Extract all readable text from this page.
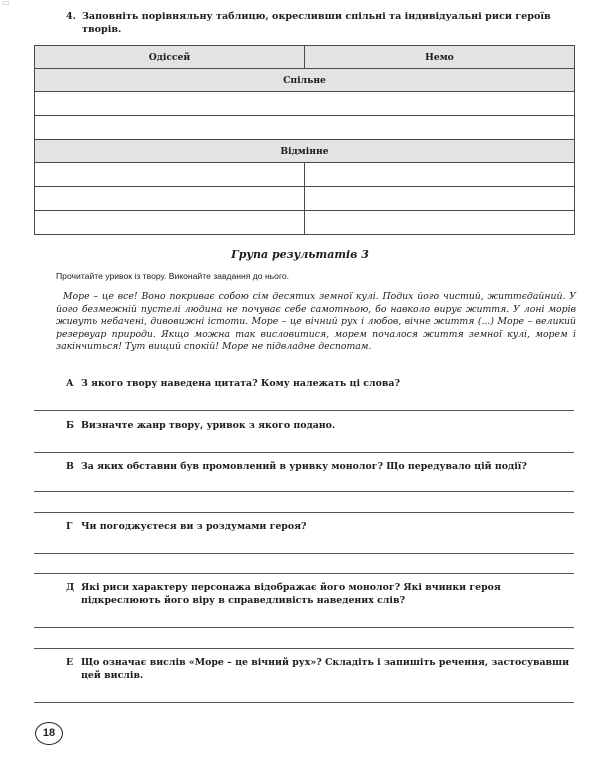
▭
4. Заповніть порівняльну таблицю, окресливши спільні та індивідуальні риси героїв творів.
Одіссей	Немо
Спільне	

Відмінне	

Група результатів 3
Прочитайте уривок із твору. Виконайте завдання до нього.
Море – це все! Воно покриває собою сім десятих земної кулі. Подих його чистий, життєдайний. У його безмежній пустелі людина не почуває себе самотньою, бо навколо вирує життя. У лоні морів живуть небачені, дивовижні істоти. Море – це вічний рух і любов, вічне життя (...) Море – великий резервуар природи. Якщо можна так висловитися, морем почалося життя земної кулі, морем і закінчиться! Тут вищий спокій! Море не підвладне деспотам.
А З якого твору наведена цитата? Кому належать ці слова?
Б Визначте жанр твору, уривок з якого подано.
В За яких обставин був промовлений в уривку монолог? Що передувало цій події?
Г Чи погоджуєтеся ви з роздумами героя?
Д Які риси характеру персонажа відображає його монолог? Які вчинки героя підкреслюють його віру в справедливість наведених слів?
Е Що означає вислів «Море – це вічний рух»? Складіть і запишіть речення, застосувавши цей вислів.
18
